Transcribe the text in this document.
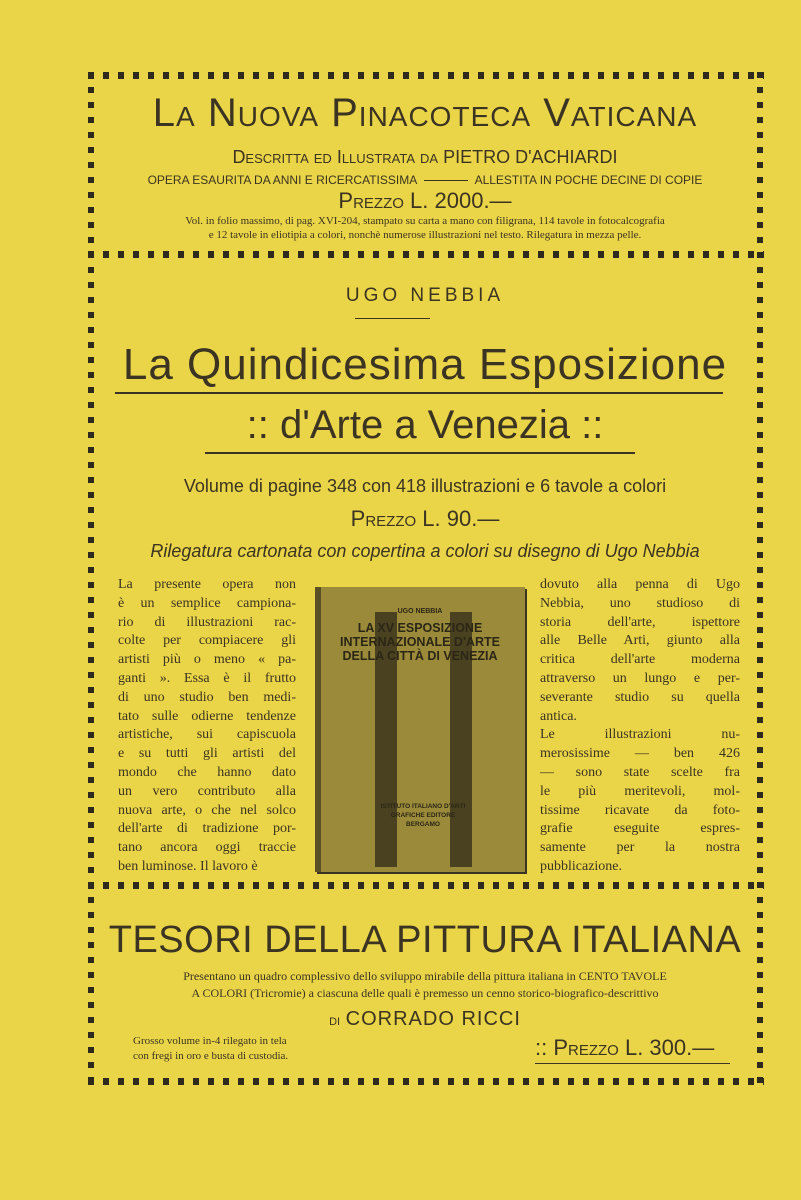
La Nuova Pinacoteca Vaticana
Descritta ed Illustrata da PIETRO D'ACHIARDI
OPERA ESAURITA DA ANNI E RICERCATISSIMA	ALLESTITA IN POCHE DECINE DI COPIE
Prezzo L. 2000.—
Vol. in folio massimo, di pag. XVI-204, stampato su carta a mano con filigrana, 114 tavole in fotocalcografia
e 12 tavole in eliotipia a colori, nonchè numerose illustrazioni nel testo. Rilegatura in mezza pelle.
UGO NEBBIA
La Quindicesima Esposizione
:: d'Arte a Venezia ::
Volume di pagine 348 con 418 illustrazioni e 6 tavole a colori
Prezzo L. 90.—
Rilegatura cartonata con copertina a colori su disegno di Ugo Nebbia
La presente opera non
è un semplice campiona-
rio di illustrazioni rac-
colte per compiacere gli
artisti più o meno « pa-
ganti ». Essa è il frutto
di uno studio ben medi-
tato sulle odierne tendenze
artistiche, sui capiscuola
e su tutti gli artisti del
mondo che hanno dato
un vero contributo alla
nuova arte, o che nel solco
dell'arte di tradizione por-
tano ancora oggi traccie
ben luminose. Il lavoro è
dovuto alla penna di Ugo
Nebbia, uno studioso di
storia dell'arte, ispettore
alle Belle Arti, giunto alla
critica dell'arte moderna
attraverso un lungo e per-
severante studio su quella
antica.
Le illustrazioni nu-
merosissime — ben 426
— sono state scelte fra
le più meritevoli, mol-
tissime ricavate da foto-
grafie eseguite espres-
samente per la nostra
pubblicazione.
UGO NEBBIA
LA XV ESPOSIZIONE INTERNAZIONALE D'ARTE DELLA CITTÀ DI VENEZIA
ISTITUTO ITALIANO D'ARTI GRAFICHE EDITORE BERGAMO
TESORI DELLA PITTURA ITALIANA
Presentano un quadro complessivo dello sviluppo mirabile della pittura italiana in CENTO TAVOLE
A COLORI (Tricromie) a ciascuna delle quali è premesso un cenno storico-biografico-descrittivo
di CORRADO RICCI
Grosso volume in-4 rilegato in tela
con fregi in oro e busta di custodia.	:: Prezzo L. 300.—
